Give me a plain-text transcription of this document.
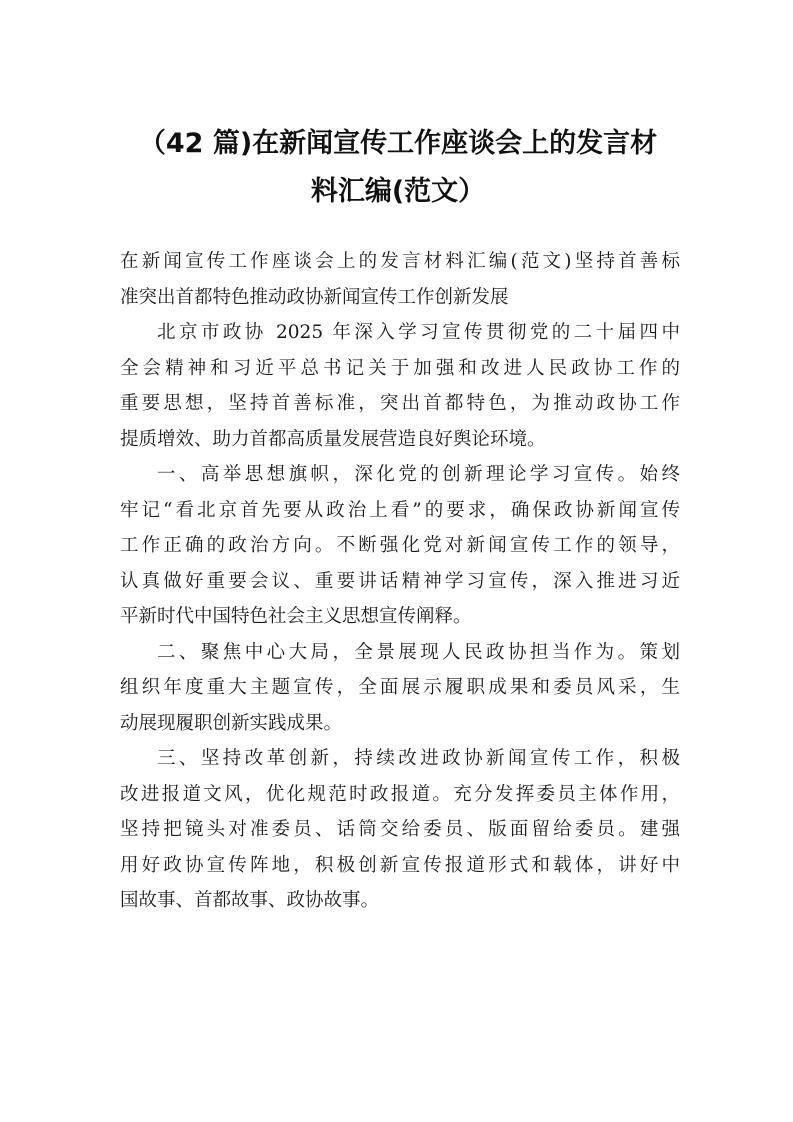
（42 篇)在新闻宣传工作座谈会上的发言材
料汇编(范文）

在新闻宣传工作座谈会上的发言材料汇编(范文)坚持首善标
准突出首都特色推动政协新闻宣传工作创新发展

北京市政协 2025 年深入学习宣传贯彻党的二十届四中
全会精神和习近平总书记关于加强和改进人民政协工作的
重要思想，坚持首善标准，突出首都特色，为推动政协工作
提质增效、助力首都高质量发展营造良好舆论环境。

一、高举思想旗帜，深化党的创新理论学习宣传。始终
牢记“看北京首先要从政治上看”的要求，确保政协新闻宣传
工作正确的政治方向。不断强化党对新闻宣传工作的领导，
认真做好重要会议、重要讲话精神学习宣传，深入推进习近
平新时代中国特色社会主义思想宣传阐释。

二、聚焦中心大局，全景展现人民政协担当作为。策划
组织年度重大主题宣传，全面展示履职成果和委员风采，生
动展现履职创新实践成果。

三、坚持改革创新，持续改进政协新闻宣传工作，积极
改进报道文风，优化规范时政报道。充分发挥委员主体作用，
坚持把镜头对准委员、话筒交给委员、版面留给委员。建强
用好政协宣传阵地，积极创新宣传报道形式和载体，讲好中
国故事、首都故事、政协故事。
